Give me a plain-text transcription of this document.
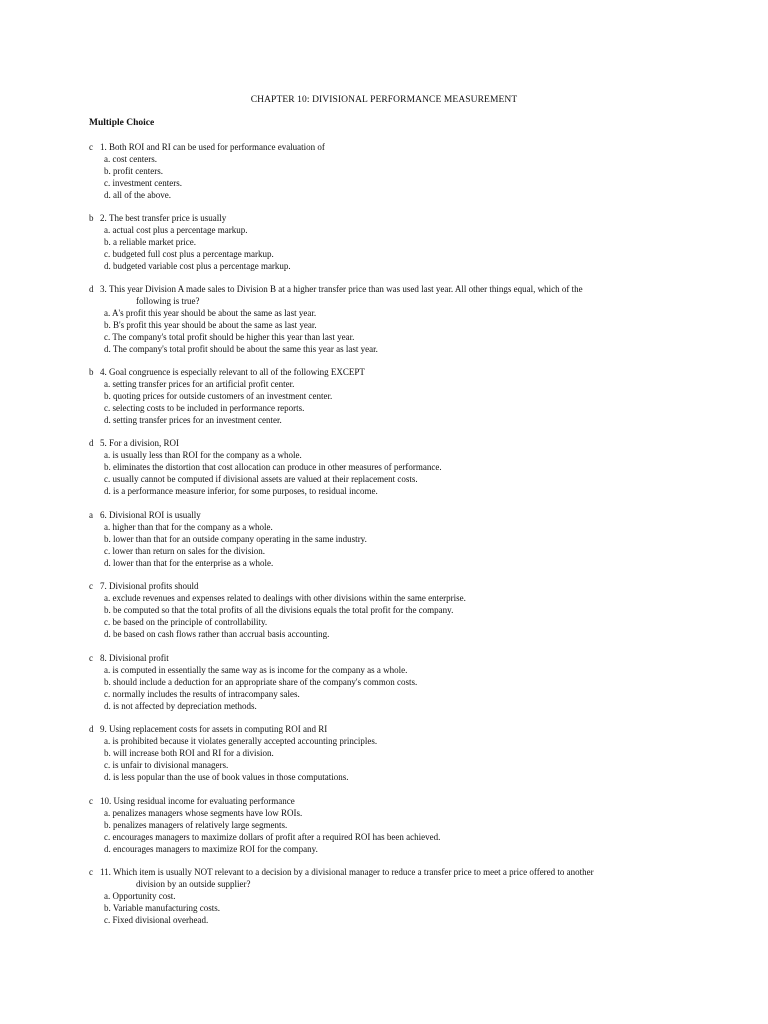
CHAPTER 10: DIVISIONAL PERFORMANCE MEASUREMENT
Multiple Choice
c 1.
Both ROI and RI can be used for performance evaluation of
a. cost centers.
b. profit centers.
c. investment centers.
d. all of the above.
b 2.
The best transfer price is usually
a. actual cost plus a percentage markup.
b. a reliable market price.
c. budgeted full cost plus a percentage markup.
d. budgeted variable cost plus a percentage markup.
d 3.
This year Division A made sales to Division B at a higher transfer price than was used last year. All other things equal, which of the
following is true?
a. A's profit this year should be about the same as last year.
b. B's profit this year should be about the same as last year.
c. The company's total profit should be higher this year than last year.
d. The company's total profit should be about the same this year as last year.
b 4.
Goal congruence is especially relevant to all of the following EXCEPT
a. setting transfer prices for an artificial profit center.
b. quoting prices for outside customers of an investment center.
c. selecting costs to be included in performance reports.
d. setting transfer prices for an investment center.
d 5.
For a division, ROI
a. is usually less than ROI for the company as a whole.
b. eliminates the distortion that cost allocation can produce in other measures of performance.
c. usually cannot be computed if divisional assets are valued at their replacement costs.
d. is a performance measure inferior, for some purposes, to residual income.
a 6.
Divisional ROI is usually
a. higher than that for the company as a whole.
b. lower than that for an outside company operating in the same industry.
c. lower than return on sales for the division.
d. lower than that for the enterprise as a whole.
c 7.
Divisional profits should
a. exclude revenues and expenses related to dealings with other divisions within the same enterprise.
b. be computed so that the total profits of all the divisions equals the total profit for the company.
c. be based on the principle of controllability.
d. be based on cash flows rather than accrual basis accounting.
c 8.
Divisional profit
a. is computed in essentially the same way as is income for the company as a whole.
b. should include a deduction for an appropriate share of the company's common costs.
c. normally includes the results of intracompany sales.
d. is not affected by depreciation methods.
d 9.
Using replacement costs for assets in computing ROI and RI
a. is prohibited because it violates generally accepted accounting principles.
b. will increase both ROI and RI for a division.
c. is unfair to divisional managers.
d. is less popular than the use of book values in those computations.
c 10.
Using residual income for evaluating performance
a. penalizes managers whose segments have low ROIs.
b. penalizes managers of relatively large segments.
c. encourages managers to maximize dollars of profit after a required ROI has been achieved.
d. encourages managers to maximize ROI for the company.
c 11.
Which item is usually NOT relevant to a decision by a divisional manager to reduce a transfer price to meet a price offered to another
division by an outside supplier?
a. Opportunity cost.
b. Variable manufacturing costs.
c. Fixed divisional overhead.
